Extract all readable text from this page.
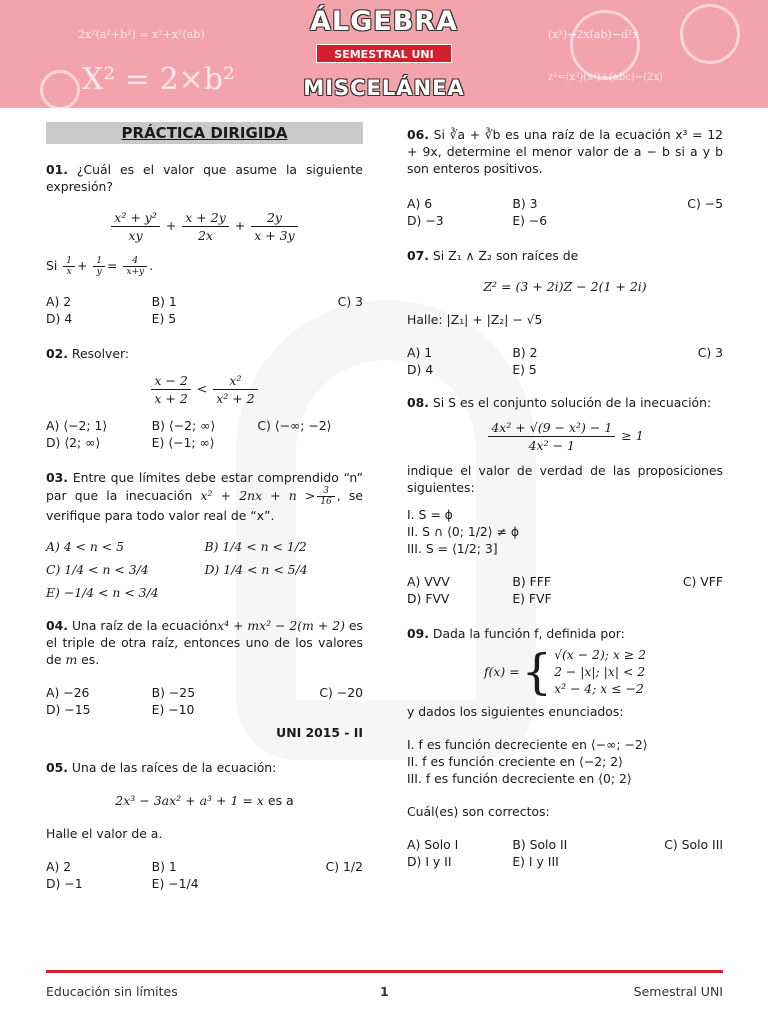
2x²(a²+b²) = x²+x²(ab)
X² = 2×b²
(x²)→2x(ab)−d²x
z²=(x²)(x³)+(abc)−(2x)
ÁLGEBRA
SEMESTRAL UNI
MISCELÁNEA
PRÁCTICA DIRIGIDA
01. ¿Cuál es el valor que asume la siguiente expresión?
$\frac{\text{x² + y²}}{xy} + \frac{x + 2y}{2x} + \frac{2y}{x + 3y}$
Si $\frac{1}{x} + \frac{1}{y} = \frac{4}{x+y}$ .
A) 2	B) 1	C) 3
D) 4	E) 5
02. Resolver:
$\frac{x - 2}{x + 2} < \frac{\text{x²}}{\text{x² + 2}}$
A) ⟨−2; 1⟩	B) ⟨−2; ∞⟩	C) ⟨−∞; −2⟩
D) ⟨2; ∞⟩	E) ⟨−1; ∞⟩
03. Entre que límites debe estar comprendido “n” par que la inecuación $x^2 + 2nx + n > \frac{3}{16}$ , se verifique para todo valor real de “x”.
A) 4 < n < 5	B) 1/4 < n < 1/2
C) 1/4 < n < 3/4	D) 1/4 < n < 5/4
E) −1/4 < n < 3/4
04. Una raíz de la ecuaciónx⁴ + mx² − 2(m + 2) es el triple de otra raíz, entonces uno de los valores de m es.
A) −26	B) −25	C) −20
D) −15	E) −10
UNI 2015 - II
05. Una de las raíces de la ecuación:
2x³ − 3ax² + a³ + 1 = x es a
Halle el valor de a.
A) 2	B) 1	C) 1/2
D) −1	E) −1/4
06. Si ∛a + ∛b es una raíz de la ecuación x³ = 12 + 9x, determine el menor valor de a − b si a y b son enteros positivos.
A) 6	B) 3	C) −5
D) −3	E) −6
07. Si Z₁ ∧ Z₂ son raíces de
Z² = (3 + 2i)Z − 2(1 + 2i)
Halle: |Z₁| + |Z₂| − √5
A) 1	B) 2	C) 3
D) 4	E) 5
08. Si S es el conjunto solución de la inecuación:
$\frac{\text{4x² + √(9 − x²) − 1}}{\text{4x² − 1}} \ge 1$
indique el valor de verdad de las proposiciones siguientes:
I. S = ϕ
II. S ∩ ⟨0; 1/2⟩ ≠ ϕ
III. S = ⟨1/2; 3]
A) VVV	B) FFF	C) VFF
D) FVV	E) FVF
09. Dada la función f, definida por:
f(x) = { √(x − 2); x ≥ 2
2 − |x|; |x| < 2
x² − 4; x ≤ −2
y dados los siguientes enunciados:
I. f es función decreciente en ⟨−∞; −2⟩
II. f es función creciente en ⟨−2; 2⟩
III. f es función decreciente en ⟨0; 2⟩
Cuál(es) son correctos:
A) Solo I	B) Solo II	C) Solo III
D) I y II	E) I y III
Educación sin límites	1	Semestral UNI
